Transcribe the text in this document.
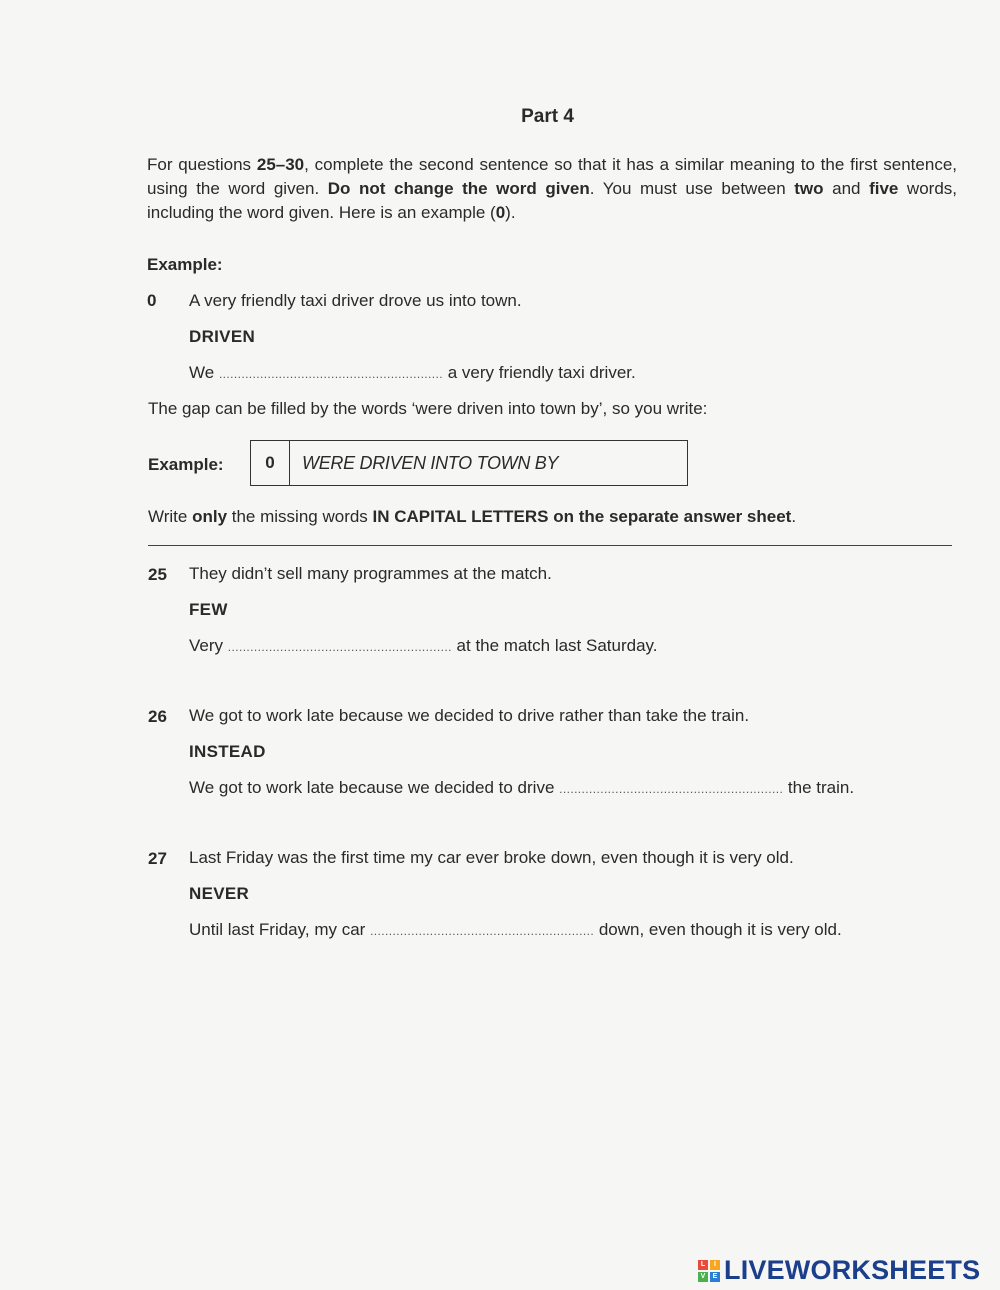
Part 4
For questions 25–30, complete the second sentence so that it has a similar meaning to the first sentence, using the word given. Do not change the word given. You must use between two and five words, including the word given. Here is an example (0).
Example:
0 A very friendly taxi driver drove us into town.
DRIVEN
We ............................................................ a very friendly taxi driver.
The gap can be filled by the words ‘were driven into town by’, so you write:
Example:	0	WERE DRIVEN INTO TOWN BY
Write only the missing words IN CAPITAL LETTERS on the separate answer sheet.
25 They didn’t sell many programmes at the match.
FEW
Very ............................................................ at the match last Saturday.
26 We got to work late because we decided to drive rather than take the train.
INSTEAD
We got to work late because we decided to drive ............................................................ the train.
27 Last Friday was the first time my car ever broke down, even though it is very old.
NEVER
Until last Friday, my car ............................................................ down, even though it is very old.
L	I
V	E LIVEWORKSHEETS
